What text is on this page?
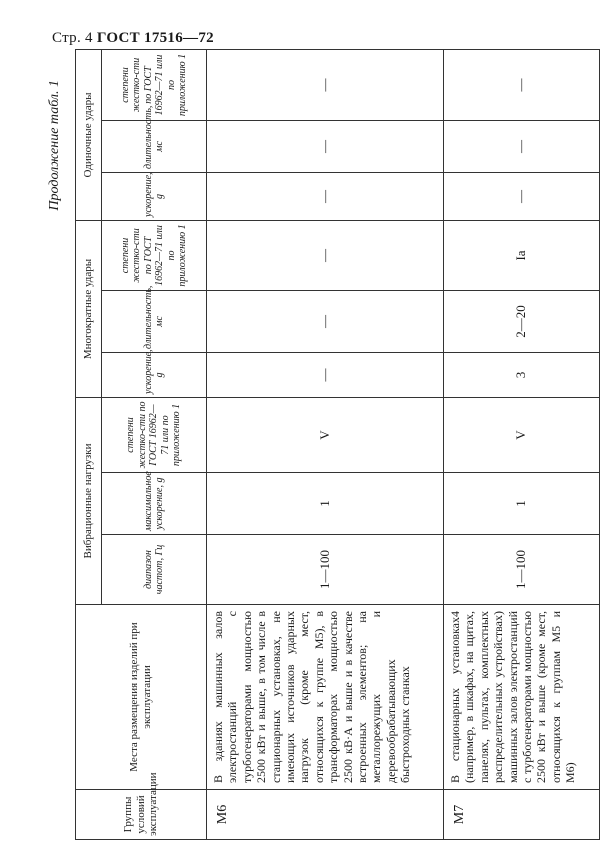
Стр. 4 ГОСТ 17516—72
Продолжение табл. 1
Группы условий эксплуатации	Места размещения изделий при эксплуатации	Вибрационные нагрузки			Многократные удары			Одиночные удары		
		диапазон частот, Гц	максимальное ускорение, g	степени жестко-сти по ГОСТ 16962—71 или по приложению 1	ускорение, g	длительность, мс	степени жестко-сти по ГОСТ 16962—71 или по приложению 1	ускорение, g	длительность, мс	степени жестко-сти по ГОСТ 16962—71 или по приложению 1
М6	В зданиях машинных залов электростанций с турбогенераторами мощностью 2500 кВт и выше, в том числе в стационарных установках, не имеющих источников ударных нагрузок (кроме мест, относящихся к группе М5), в трансформаторах мощностью 2500 кВ·А и выше и в качестве встроенных элементов; на металлорежущих и деревообрабатывающих быстроходных станках	1—100	1	V	—	—	—	—	—	—
М7	В стационарных установках4 (например, в шкафах, на щитах, панелях, пультах, комплектных распределительных устройствах) машинных залов электростанций с турбогенераторами мощностью 2500 кВт и выше (кроме мест, относящихся к группам М5 и М6)	1—100	1	V	3	2—20	Iа	—	—	—
